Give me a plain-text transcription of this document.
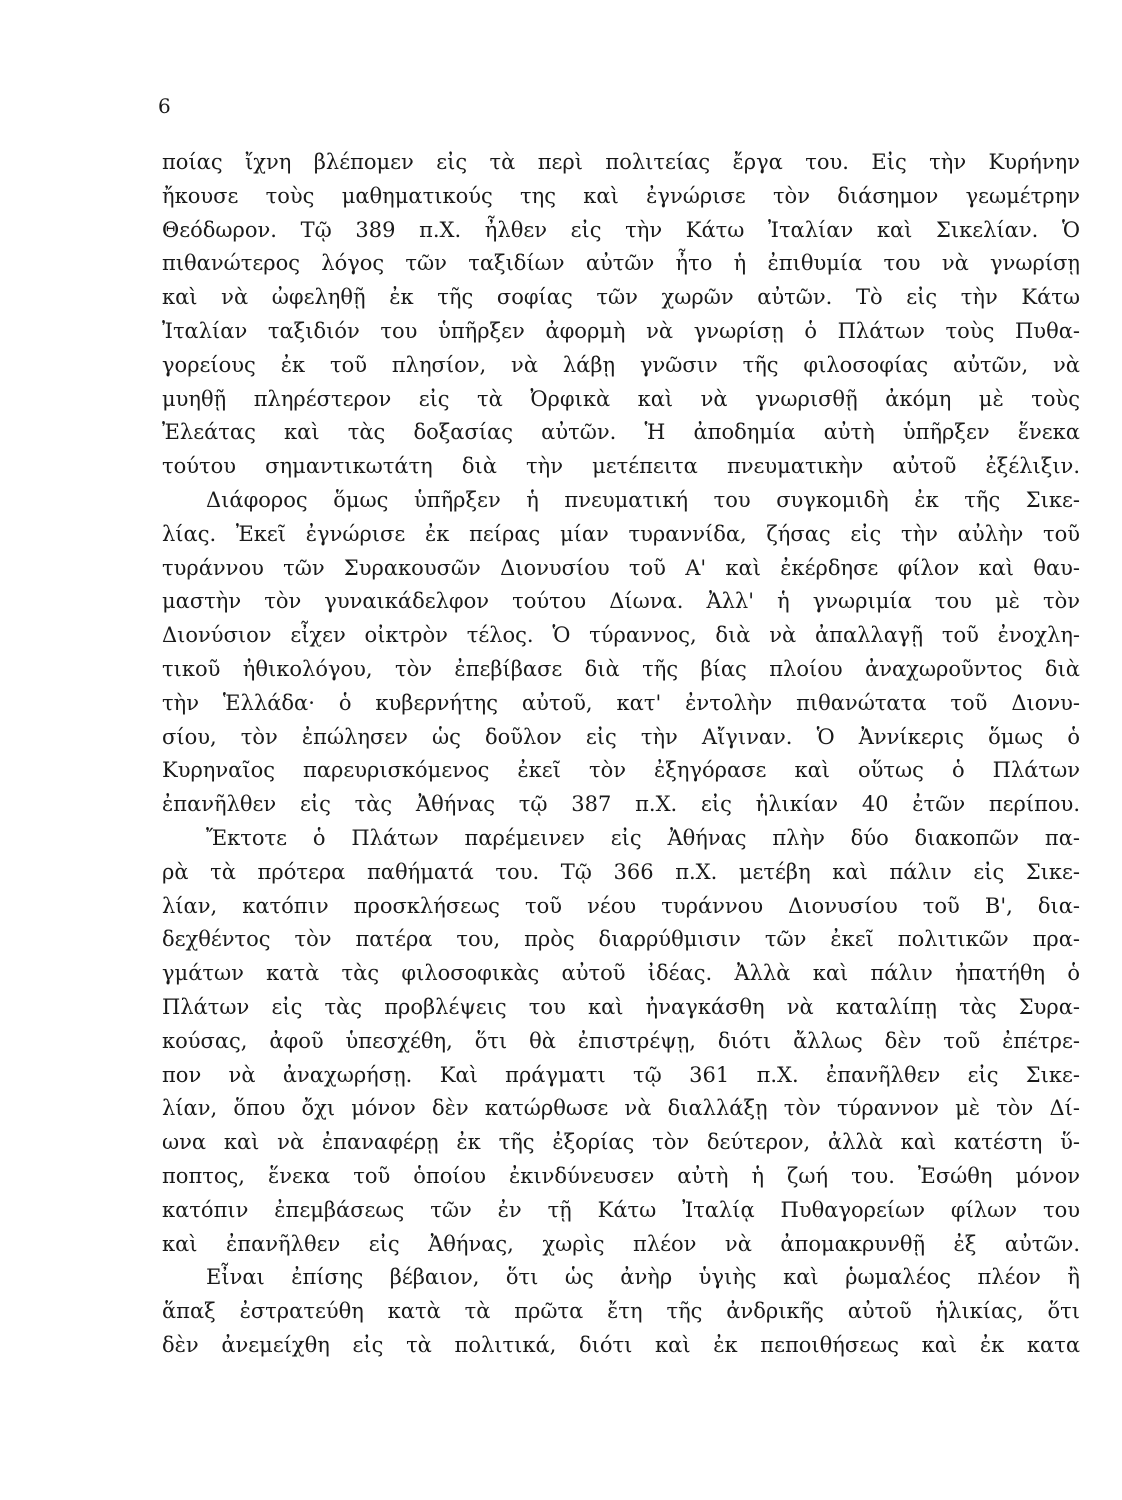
6
ποίας ἴχνη βλέπομεν εἰς τὰ περὶ πολιτείας ἔργα του. Εἰς τὴν Κυρήνην
ἤκουσε τοὺς μαθηματικούς της καὶ ἐγνώρισε τὸν διάσημον γεωμέτρην
Θεόδωρον. Τῷ 389 π.Χ. ἦλθεν εἰς τὴν Κάτω Ἰταλίαν καὶ Σικελίαν. Ὁ
πιθανώτερος λόγος τῶν ταξιδίων αὐτῶν ἦτο ἡ ἐπιθυμία του νὰ γνωρίσῃ
καὶ νὰ ὠφεληθῇ ἐκ τῆς σοφίας τῶν χωρῶν αὐτῶν. Τὸ εἰς τὴν Κάτω
Ἰταλίαν ταξιδιόν του ὑπῆρξεν ἀφορμὴ νὰ γνωρίσῃ ὁ Πλάτων τοὺς Πυθα-
γορείους ἐκ τοῦ πλησίον, νὰ λάβῃ γνῶσιν τῆς φιλοσοφίας αὐτῶν, νὰ
μυηθῇ πληρέστερον εἰς τὰ Ὀρφικὰ καὶ νὰ γνωρισθῇ ἀκόμη μὲ τοὺς
Ἐλεάτας καὶ τὰς δοξασίας αὐτῶν. Ἡ ἀποδημία αὐτὴ ὑπῆρξεν ἕνεκα
τούτου σημαντικωτάτη διὰ τὴν μετέπειτα πνευματικὴν αὐτοῦ ἐξέλιξιν.
Διάφορος ὅμως ὑπῆρξεν ἡ πνευματική του συγκομιδὴ ἐκ τῆς Σικε-
λίας. Ἐκεῖ ἐγνώρισε ἐκ πείρας μίαν τυραννίδα, ζήσας εἰς τὴν αὐλὴν τοῦ
τυράννου τῶν Συρακουσῶν Διονυσίου τοῦ Α' καὶ ἐκέρδησε φίλον καὶ θαυ-
μαστὴν τὸν γυναικάδελφον τούτου Δίωνα. Ἀλλ' ἡ γνωριμία του μὲ τὸν
Διονύσιον εἶχεν οἰκτρὸν τέλος. Ὁ τύραννος, διὰ νὰ ἀπαλλαγῇ τοῦ ἐνοχλη-
τικοῦ ἠθικολόγου, τὸν ἐπεβίβασε διὰ τῆς βίας πλοίου ἀναχωροῦντος διὰ
τὴν Ἑλλάδα· ὁ κυβερνήτης αὐτοῦ, κατ' ἐντολὴν πιθανώτατα τοῦ Διονυ-
σίου, τὸν ἐπώλησεν ὡς δοῦλον εἰς τὴν Αἴγιναν. Ὁ Ἀννίκερις ὅμως ὁ
Κυρηναῖος παρευρισκόμενος ἐκεῖ τὸν ἐξηγόρασε καὶ οὕτως ὁ Πλάτων
ἐπανῆλθεν εἰς τὰς Ἀθήνας τῷ 387 π.Χ. εἰς ἡλικίαν 40 ἐτῶν περίπου.
Ἔκτοτε ὁ Πλάτων παρέμεινεν εἰς Ἀθήνας πλὴν δύο διακοπῶν πα-
ρὰ τὰ πρότερα παθήματά του. Τῷ 366 π.Χ. μετέβη καὶ πάλιν εἰς Σικε-
λίαν, κατόπιν προσκλήσεως τοῦ νέου τυράννου Διονυσίου τοῦ Β', δια-
δεχθέντος τὸν πατέρα του, πρὸς διαρρύθμισιν τῶν ἐκεῖ πολιτικῶν πρα-
γμάτων κατὰ τὰς φιλοσοφικὰς αὐτοῦ ἰδέας. Ἀλλὰ καὶ πάλιν ἠπατήθη ὁ
Πλάτων εἰς τὰς προβλέψεις του καὶ ἠναγκάσθη νὰ καταλίπῃ τὰς Συρα-
κούσας, ἀφοῦ ὑπεσχέθη, ὅτι θὰ ἐπιστρέψῃ, διότι ἄλλως δὲν τοῦ ἐπέτρε-
πον νὰ ἀναχωρήσῃ. Καὶ πράγματι τῷ 361 π.Χ. ἐπανῆλθεν εἰς Σικε-
λίαν, ὅπου ὄχι μόνον δὲν κατώρθωσε νὰ διαλλάξῃ τὸν τύραννον μὲ τὸν Δί-
ωνα καὶ νὰ ἐπαναφέρῃ ἐκ τῆς ἐξορίας τὸν δεύτερον, ἀλλὰ καὶ κατέστη ὕ-
ποπτος, ἕνεκα τοῦ ὁποίου ἐκινδύνευσεν αὐτὴ ἡ ζωή του. Ἐσώθη μόνον
κατόπιν ἐπεμβάσεως τῶν ἐν τῇ Κάτω Ἰταλίᾳ Πυθαγορείων φίλων του
καὶ ἐπανῆλθεν εἰς Ἀθήνας, χωρὶς πλέον νὰ ἀπομακρυνθῇ ἐξ αὐτῶν.
Εἶναι ἐπίσης βέβαιον, ὅτι ὡς ἀνὴρ ὑγιὴς καὶ ῥωμαλέος πλέον ἢ
ἅπαξ ἐστρατεύθη κατὰ τὰ πρῶτα ἔτη τῆς ἀνδρικῆς αὐτοῦ ἡλικίας, ὅτι
δὲν ἀνεμείχθη εἰς τὰ πολιτικά, διότι καὶ ἐκ πεποιθήσεως καὶ ἐκ κατα
